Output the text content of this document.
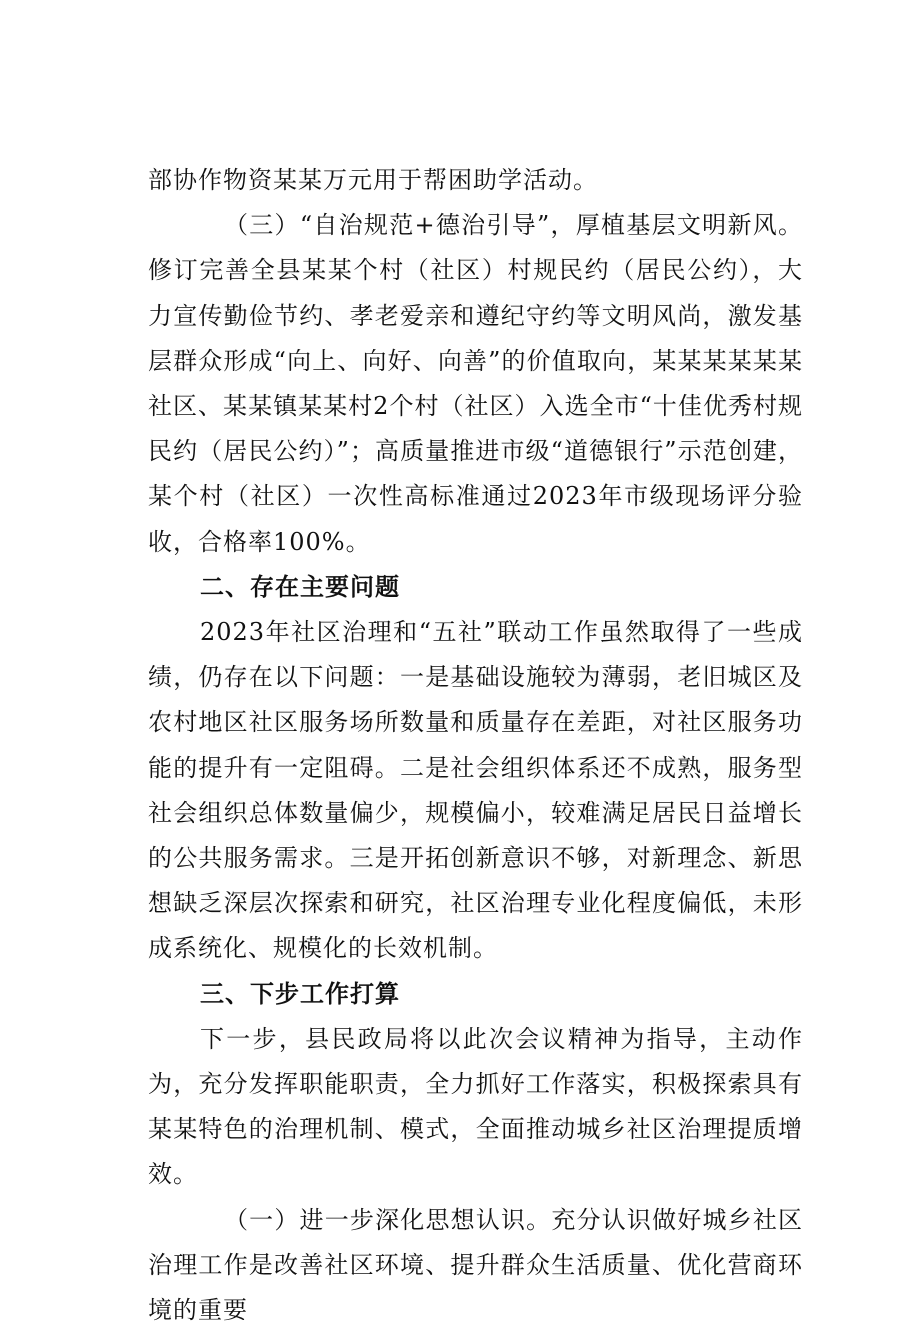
部协作物资某某万元用于帮困助学活动。

（三）“自治规范+德治引导”，厚植基层文明新风。修订完善全县某某个村（社区）村规民约（居民公约），大力宣传勤俭节约、孝老爱亲和遵纪守约等文明风尚，激发基层群众形成“向上、向好、向善”的价值取向，某某某某某某社区、某某镇某某村2个村（社区）入选全市“十佳优秀村规民约（居民公约）”；高质量推进市级“道德银行”示范创建，某个村（社区）一次性高标准通过2023年市级现场评分验收，合格率100%。

二、存在主要问题

2023年社区治理和“五社”联动工作虽然取得了一些成绩，仍存在以下问题：一是基础设施较为薄弱，老旧城区及农村地区社区服务场所数量和质量存在差距，对社区服务功能的提升有一定阻碍。二是社会组织体系还不成熟，服务型社会组织总体数量偏少，规模偏小，较难满足居民日益增长的公共服务需求。三是开拓创新意识不够，对新理念、新思想缺乏深层次探索和研究，社区治理专业化程度偏低，未形成系统化、规模化的长效机制。

三、下步工作打算

下一步，县民政局将以此次会议精神为指导，主动作为，充分发挥职能职责，全力抓好工作落实，积极探索具有某某特色的治理机制、模式，全面推动城乡社区治理提质增效。

（一）进一步深化思想认识。充分认识做好城乡社区治理工作是改善社区环境、提升群众生活质量、优化营商环境的重要
